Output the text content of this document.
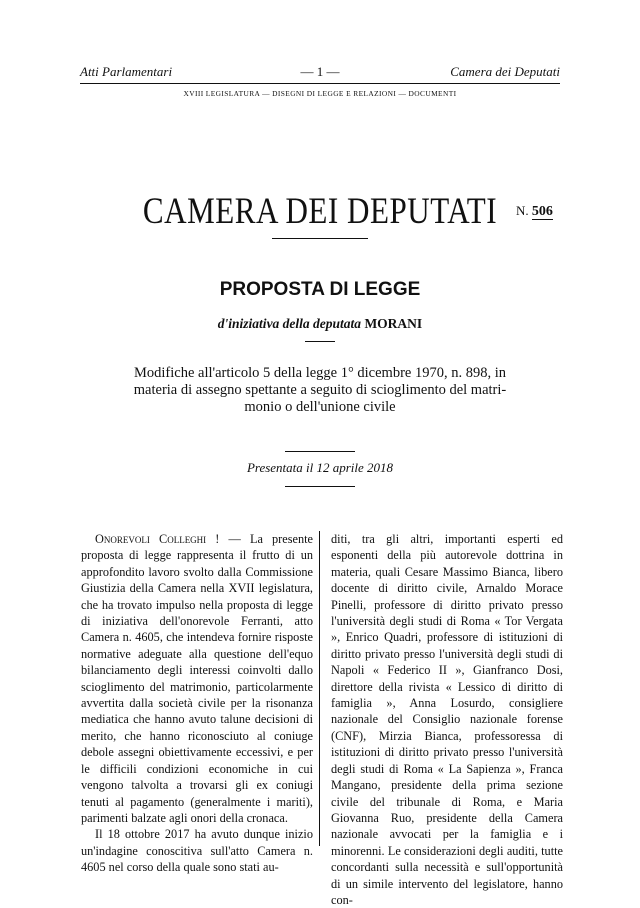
Atti Parlamentari	— 1 —	Camera dei Deputati
XVIII LEGISLATURA — DISEGNI DI LEGGE E RELAZIONI — DOCUMENTI
CAMERA DEI DEPUTATI	N. 506
PROPOSTA DI LEGGE
d'iniziativa della deputata MORANI
Modifiche all'articolo 5 della legge 1° dicembre 1970, n. 898, in
materia di assegno spettante a seguito di scioglimento del matri-
monio o dell'unione civile
Presentata il 12 aprile 2018

Onorevoli Colleghi ! — La presente proposta di legge rappresenta il frutto di un approfondito lavoro svolto dalla Commissione Giustizia della Camera nella XVII legislatura, che ha trovato impulso nella proposta di legge di iniziativa dell'onorevole Ferranti, atto Camera n. 4605, che intendeva fornire risposte normative adeguate alla questione dell'equo bilanciamento degli interessi coinvolti dallo scioglimento del matrimonio, particolarmente avvertita dalla società civile per la risonanza mediatica che hanno avuto talune decisioni di merito, che hanno riconosciuto al coniuge debole assegni obiettivamente eccessivi, e per le difficili condizioni economiche in cui vengono talvolta a trovarsi gli ex coniugi tenuti al pagamento (generalmente i mariti), parimenti balzate agli onori della cronaca.

Il 18 ottobre 2017 ha avuto dunque inizio un'indagine conoscitiva sull'atto Camera n. 4605 nel corso della quale sono stati au-

diti, tra gli altri, importanti esperti ed esponenti della più autorevole dottrina in materia, quali Cesare Massimo Bianca, libero docente di diritto civile, Arnaldo Morace Pinelli, professore di diritto privato presso l'università degli studi di Roma « Tor Vergata », Enrico Quadri, professore di istituzioni di diritto privato presso l'università degli studi di Napoli « Federico II », Gianfranco Dosi, direttore della rivista « Lessico di diritto di famiglia », Anna Losurdo, consigliere nazionale del Consiglio nazionale forense (CNF), Mirzia Bianca, professoressa di istituzioni di diritto privato presso l'università degli studi di Roma « La Sapienza », Franca Mangano, presidente della prima sezione civile del tribunale di Roma, e Maria Giovanna Ruo, presidente della Camera nazionale avvocati per la famiglia e i minorenni. Le considerazioni degli auditi, tutte concordanti sulla necessità e sull'opportunità di un simile intervento del legislatore, hanno con-
